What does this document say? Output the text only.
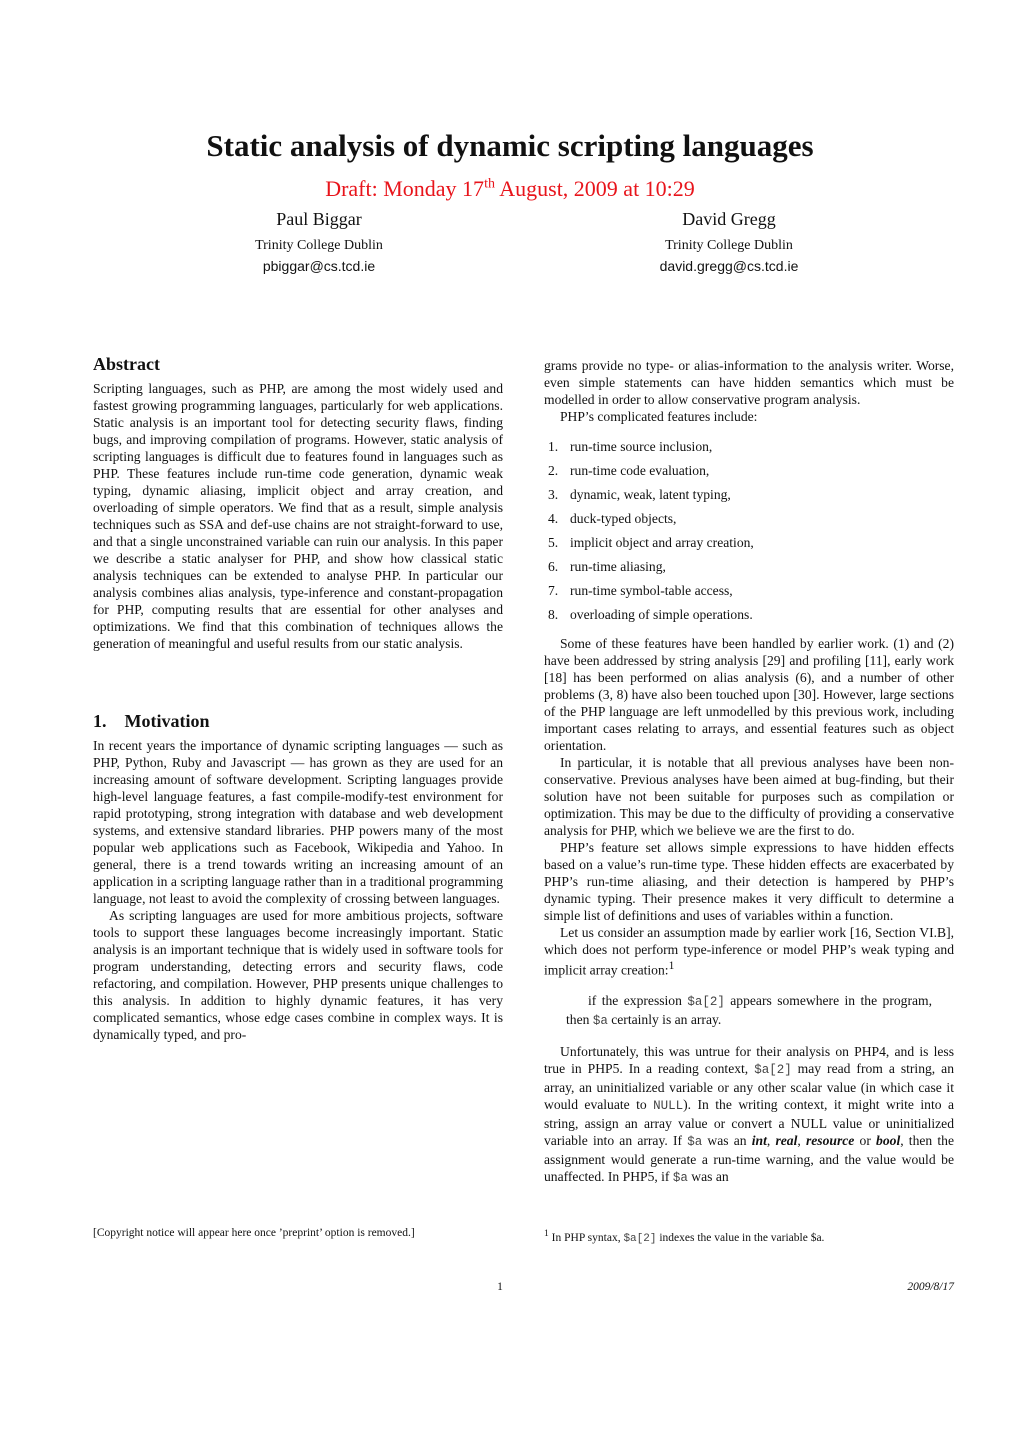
Static analysis of dynamic scripting languages
Draft: Monday 17th August, 2009 at 10:29
Paul Biggar
Trinity College Dublin
pbiggar@cs.tcd.ie
David Gregg
Trinity College Dublin
david.gregg@cs.tcd.ie
Abstract

Scripting languages, such as PHP, are among the most widely used and fastest growing programming languages, particularly for web applications. Static analysis is an important tool for detecting security flaws, finding bugs, and improving compilation of programs. However, static analysis of scripting languages is difficult due to features found in languages such as PHP. These features include run-time code generation, dynamic weak typing, dynamic aliasing, implicit object and array creation, and overloading of simple operators. We find that as a result, simple analysis techniques such as SSA and def-use chains are not straight-forward to use, and that a single unconstrained variable can ruin our analysis. In this paper we describe a static analyser for PHP, and show how classical static analysis techniques can be extended to analyse PHP. In particular our analysis combines alias analysis, type-inference and constant-propagation for PHP, computing results that are essential for other analyses and optimizations. We find that this combination of techniques allows the generation of meaningful and useful results from our static analysis.

1.    Motivation

In recent years the importance of dynamic scripting languages — such as PHP, Python, Ruby and Javascript — has grown as they are used for an increasing amount of software development. Scripting languages provide high-level language features, a fast compile-modify-test environment for rapid prototyping, strong integration with database and web development systems, and extensive standard libraries. PHP powers many of the most popular web applications such as Facebook, Wikipedia and Yahoo. In general, there is a trend towards writing an increasing amount of an application in a scripting language rather than in a traditional programming language, not least to avoid the complexity of crossing between languages.

As scripting languages are used for more ambitious projects, software tools to support these languages become increasingly important. Static analysis is an important technique that is widely used in software tools for program understanding, detecting errors and security flaws, code refactoring, and compilation. However, PHP presents unique challenges to this analysis. In addition to highly dynamic features, it has very complicated semantics, whose edge cases combine in complex ways. It is dynamically typed, and pro-

grams provide no type- or alias-information to the analysis writer. Worse, even simple statements can have hidden semantics which must be modelled in order to allow conservative program analysis.

PHP’s complicated features include:

1. run-time source inclusion,
2. run-time code evaluation,
3. dynamic, weak, latent typing,
4. duck-typed objects,
5. implicit object and array creation,
6. run-time aliasing,
7. run-time symbol-table access,
8. overloading of simple operations.

Some of these features have been handled by earlier work. (1) and (2) have been addressed by string analysis [29] and profiling [11], early work [18] has been performed on alias analysis (6), and a number of other problems (3, 8) have also been touched upon [30]. However, large sections of the PHP language are left unmodelled by this previous work, including important cases relating to arrays, and essential features such as object orientation.

In particular, it is notable that all previous analyses have been non-conservative. Previous analyses have been aimed at bug-finding, but their solution have not been suitable for purposes such as compilation or optimization. This may be due to the difficulty of providing a conservative analysis for PHP, which we believe we are the first to do.

PHP’s feature set allows simple expressions to have hidden effects based on a value’s run-time type. These hidden effects are exacerbated by PHP’s run-time aliasing, and their detection is hampered by PHP’s dynamic typing. Their presence makes it very difficult to determine a simple list of definitions and uses of variables within a function.

Let us consider an assumption made by earlier work [16, Section VI.B], which does not perform type-inference or model PHP’s weak typing and implicit array creation:$^1$

if the expression $a[2] appears somewhere in the program, then $a certainly is an array.

Unfortunately, this was untrue for their analysis on PHP4, and is less true in PHP5. In a reading context, $a[2] may read from a string, an array, an uninitialized variable or any other scalar value (in which case it would evaluate to NULL). In the writing context, it might write into a string, assign an array value or convert a NULL value or uninitialized variable into an array. If $a was an int, real, resource or bool, then the assignment would generate a run-time warning, and the value would be unaffected. In PHP5, if $a was an

[Copyright notice will appear here once ’preprint’ option is removed.]	$^1$ In PHP syntax, $a[2] indexes the value in the variable $a.
1	2009/8/17
